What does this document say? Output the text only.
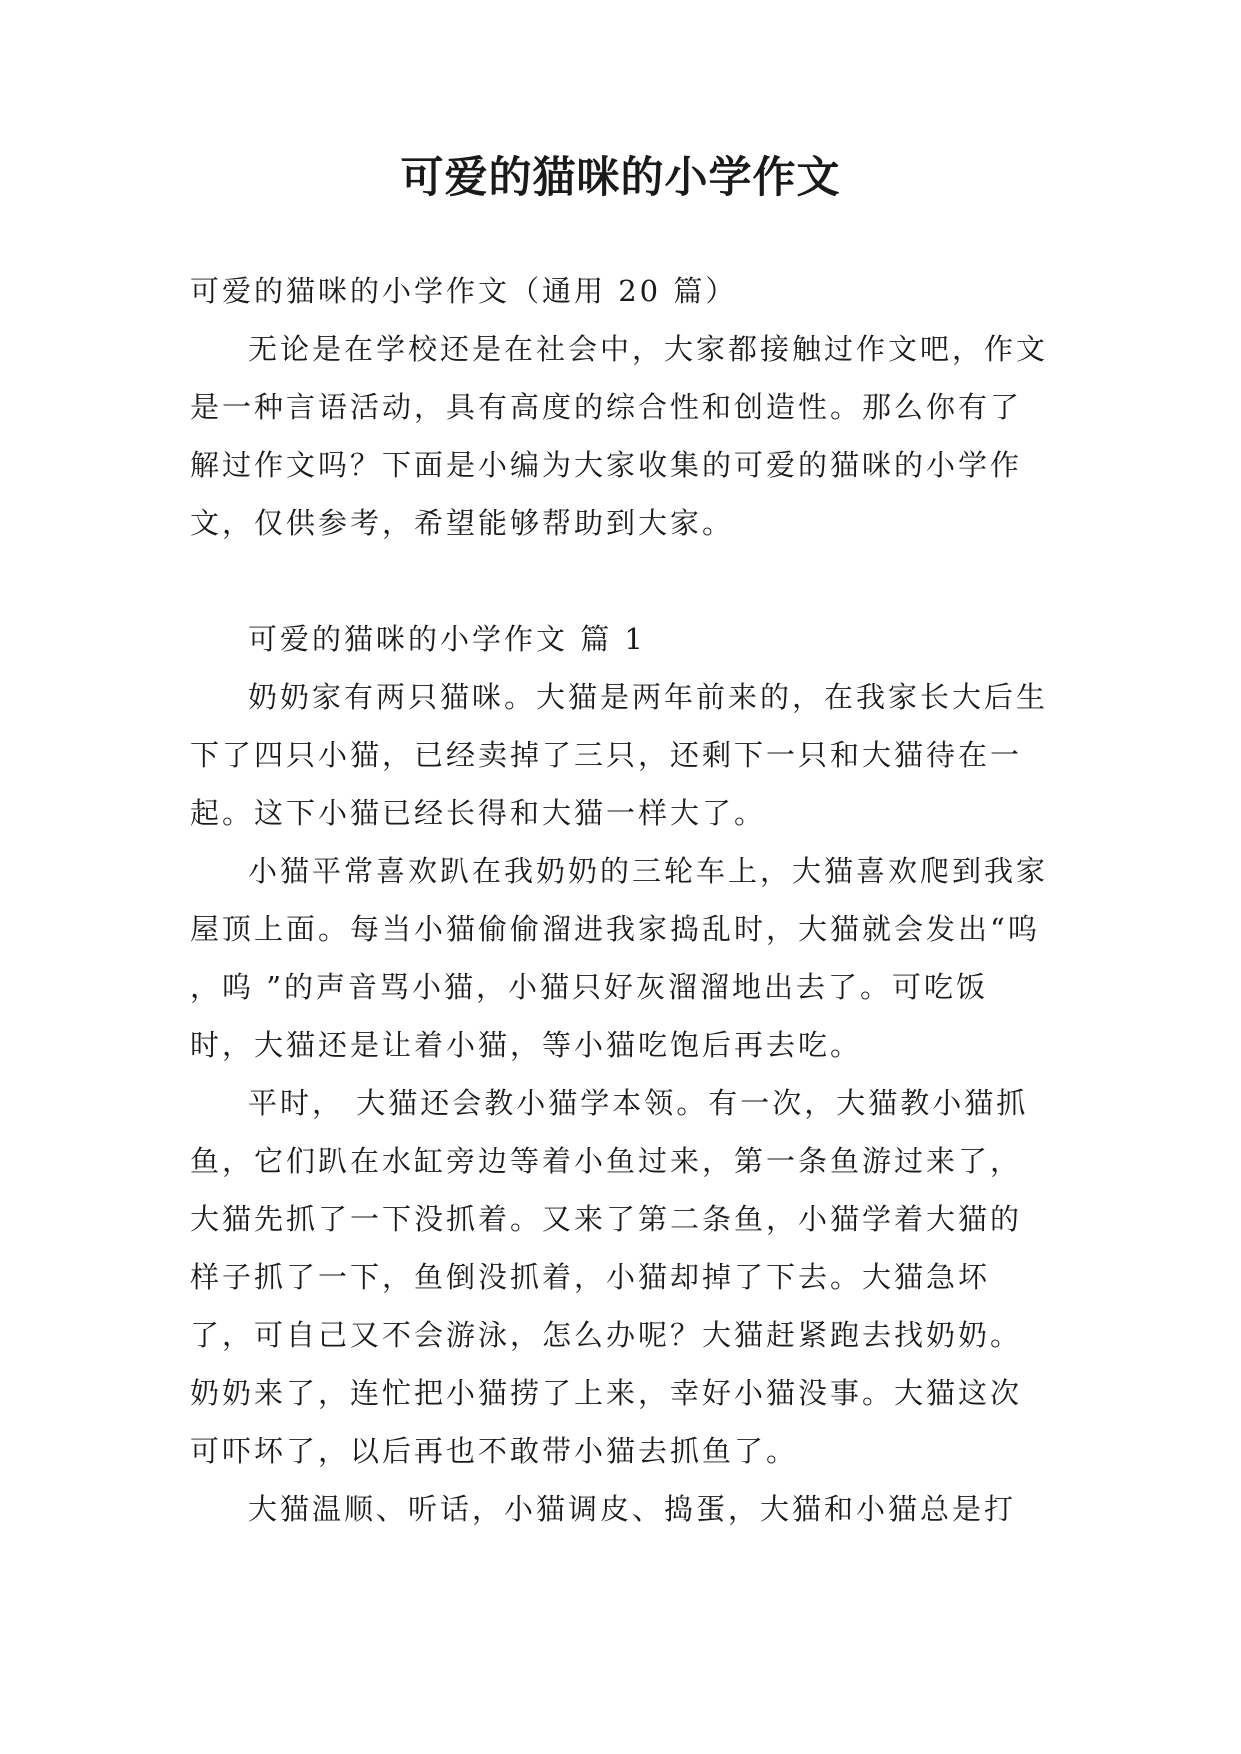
可爱的猫咪的小学作文

可爱的猫咪的小学作文（通用 20 篇）

无论是在学校还是在社会中，大家都接触过作文吧，作文是一种言语活动，具有高度的综合性和创造性。那么你有了解过作文吗？下面是小编为大家收集的可爱的猫咪的小学作文，仅供参考，希望能够帮助到大家。

可爱的猫咪的小学作文 篇 1

奶奶家有两只猫咪。大猫是两年前来的，在我家长大后生下了四只小猫，已经卖掉了三只，还剩下一只和大猫待在一起。这下小猫已经长得和大猫一样大了。

小猫平常喜欢趴在我奶奶的三轮车上，大猫喜欢爬到我家屋顶上面。每当小猫偷偷溜进我家捣乱时，大猫就会发出“呜 ，呜 ”的声音骂小猫，小猫只好灰溜溜地出去了。可吃饭时，大猫还是让着小猫，等小猫吃饱后再去吃。

平时， 大猫还会教小猫学本领。有一次，大猫教小猫抓鱼，它们趴在水缸旁边等着小鱼过来，第一条鱼游过来了，大猫先抓了一下没抓着。又来了第二条鱼，小猫学着大猫的样子抓了一下，鱼倒没抓着，小猫却掉了下去。大猫急坏了，可自己又不会游泳，怎么办呢？大猫赶紧跑去找奶奶。奶奶来了，连忙把小猫捞了上来，幸好小猫没事。大猫这次可吓坏了，以后再也不敢带小猫去抓鱼了。

大猫温顺、听话，小猫调皮、捣蛋，大猫和小猫总是打
